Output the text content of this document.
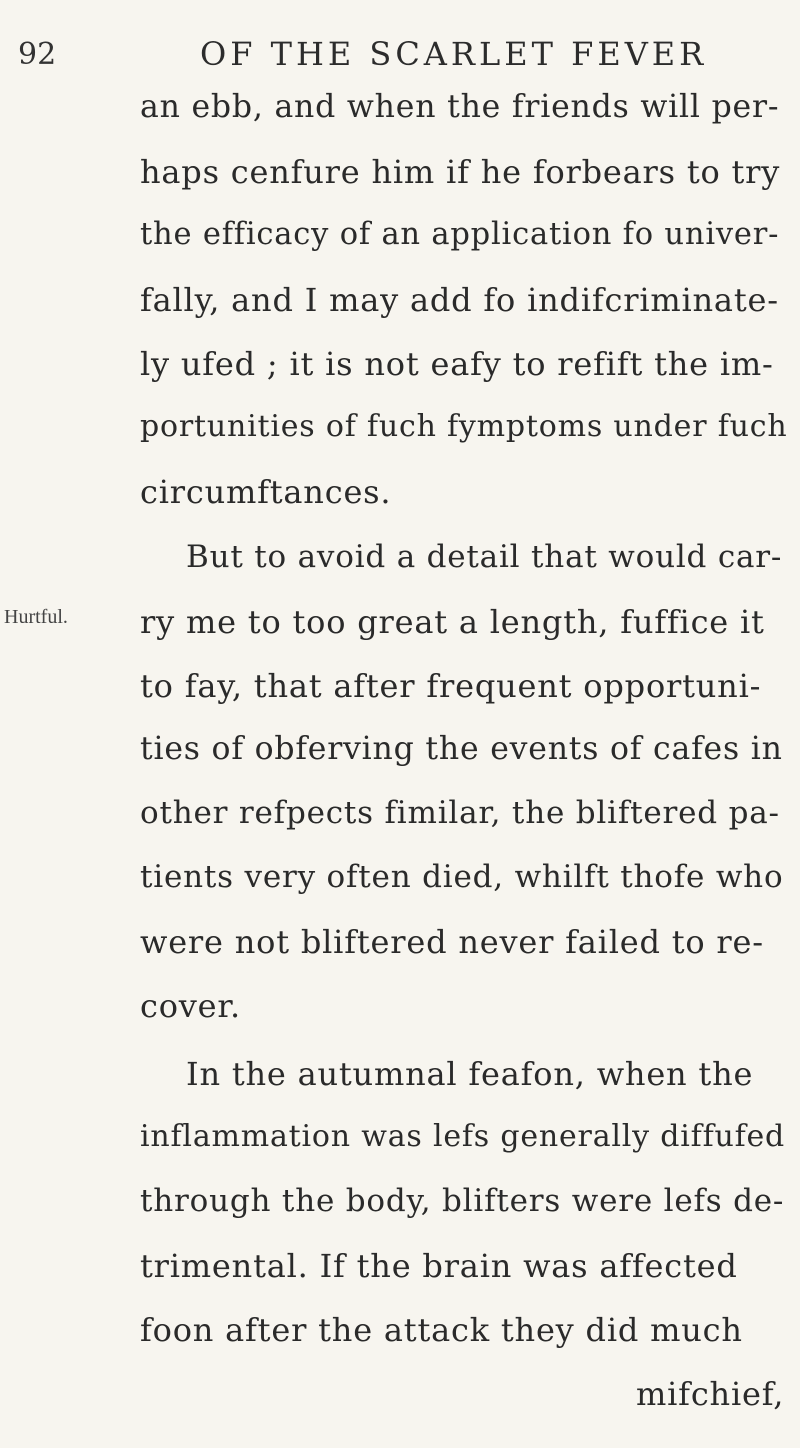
92	OF THE SCARLET FEVER
Hurtful.
an ebb, and when the friends will per-
haps cenfure him if he forbears to try
the efficacy of an application fo univer-
fally, and I may add fo indifcriminate-
ly ufed ; it is not eafy to refift the im-
portunities of fuch fymptoms under fuch
circumftances.
But to avoid a detail that would car-
ry me to too great a length, fuffice it
to fay, that after frequent opportuni-
ties of obferving the events of cafes in
other refpects fimilar, the bliftered pa-
tients very often died, whilft thofe who
were not bliftered never failed to re-
cover.
In the autumnal feafon, when the
inflammation was lefs generally diffufed
through the body, blifters were lefs de-
trimental. If the brain was affected
foon after the attack they did much
mifchief,
